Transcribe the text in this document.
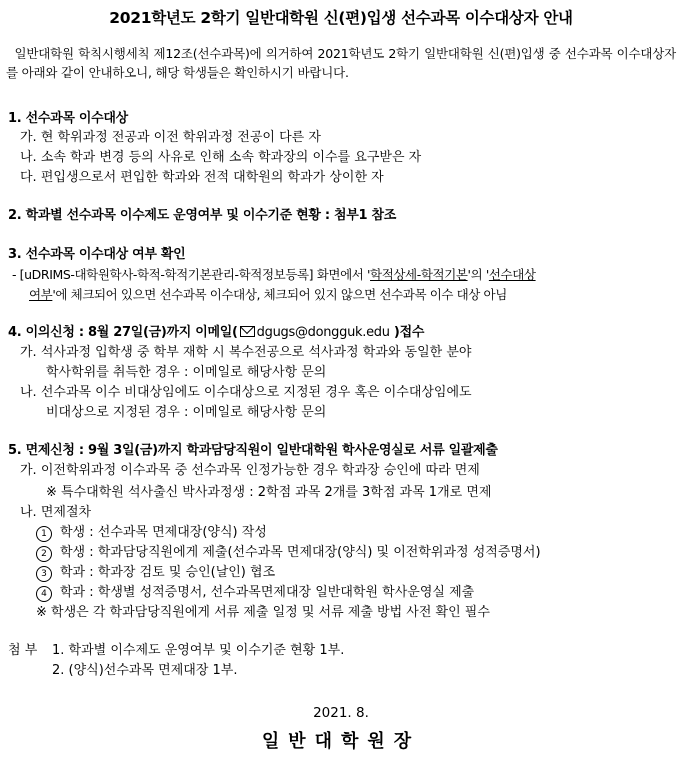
2021학년도 2학기 일반대학원 신(편)입생 선수과목 이수대상자 안내
일반대학원 학칙시행세칙 제12조(선수과목)에 의거하여 2021학년도 2학기 일반대학원 신(편)입생 중 선수과목 이수대상자를 아래와 같이 안내하오니, 해당 학생들은 확인하시기 바랍니다.
1. 선수과목 이수대상
가. 현 학위과정 전공과 이전 학위과정 전공이 다른 자
나. 소속 학과 변경 등의 사유로 인해 소속 학과장의 이수를 요구받은 자
다. 편입생으로서 편입한 학과와 전적 대학원의 학과가 상이한 자
2. 학과별 선수과목 이수제도 운영여부 및 이수기준 현황 : 첨부1 참조
3. 선수과목 이수대상 여부 확인
- [uDRIMS-대학원학사-학적-학적기본관리-학적정보등록] 화면에서 '학적상세-학적기본'의 '선수대상
여부'에 체크되어 있으면 선수과목 이수대상, 체크되어 있지 않으면 선수과목 이수 대상 아님
4. 이의신청 : 8월 27일(금)까지 이메일( dgugs@dongguk.edu )접수
가. 석사과정 입학생 중 학부 재학 시 복수전공으로 석사과정 학과와 동일한 분야
학사학위를 취득한 경우 : 이메일로 해당사항 문의
나. 선수과목 이수 비대상임에도 이수대상으로 지정된 경우 혹은 이수대상임에도
비대상으로 지정된 경우 : 이메일로 해당사항 문의
5. 면제신청 : 9월 3일(금)까지 학과담당직원이 일반대학원 학사운영실로 서류 일괄제출
가. 이전학위과정 이수과목 중 선수과목 인정가능한 경우 학과장 승인에 따라 면제
※ 특수대학원 석사출신 박사과정생 : 2학점 과목 2개를 3학점 과목 1개로 면제
나. 면제절차
1 학생 : 선수과목 면제대장(양식) 작성
2 학생 : 학과담당직원에게 제출(선수과목 면제대장(양식) 및 이전학위과정 성적증명서)
3 학과 : 학과장 검토 및 승인(날인) 협조
4 학과 : 학생별 성적증명서, 선수과목면제대장 일반대학원 학사운영실 제출
※ 학생은 각 학과담당직원에게 서류 제출 일정 및 서류 제출 방법 사전 확인 필수
첨 부 1. 학과별 이수제도 운영여부 및 이수기준 현황 1부.
2. (양식)선수과목 면제대장 1부.
2021. 8.
일반대학원장
